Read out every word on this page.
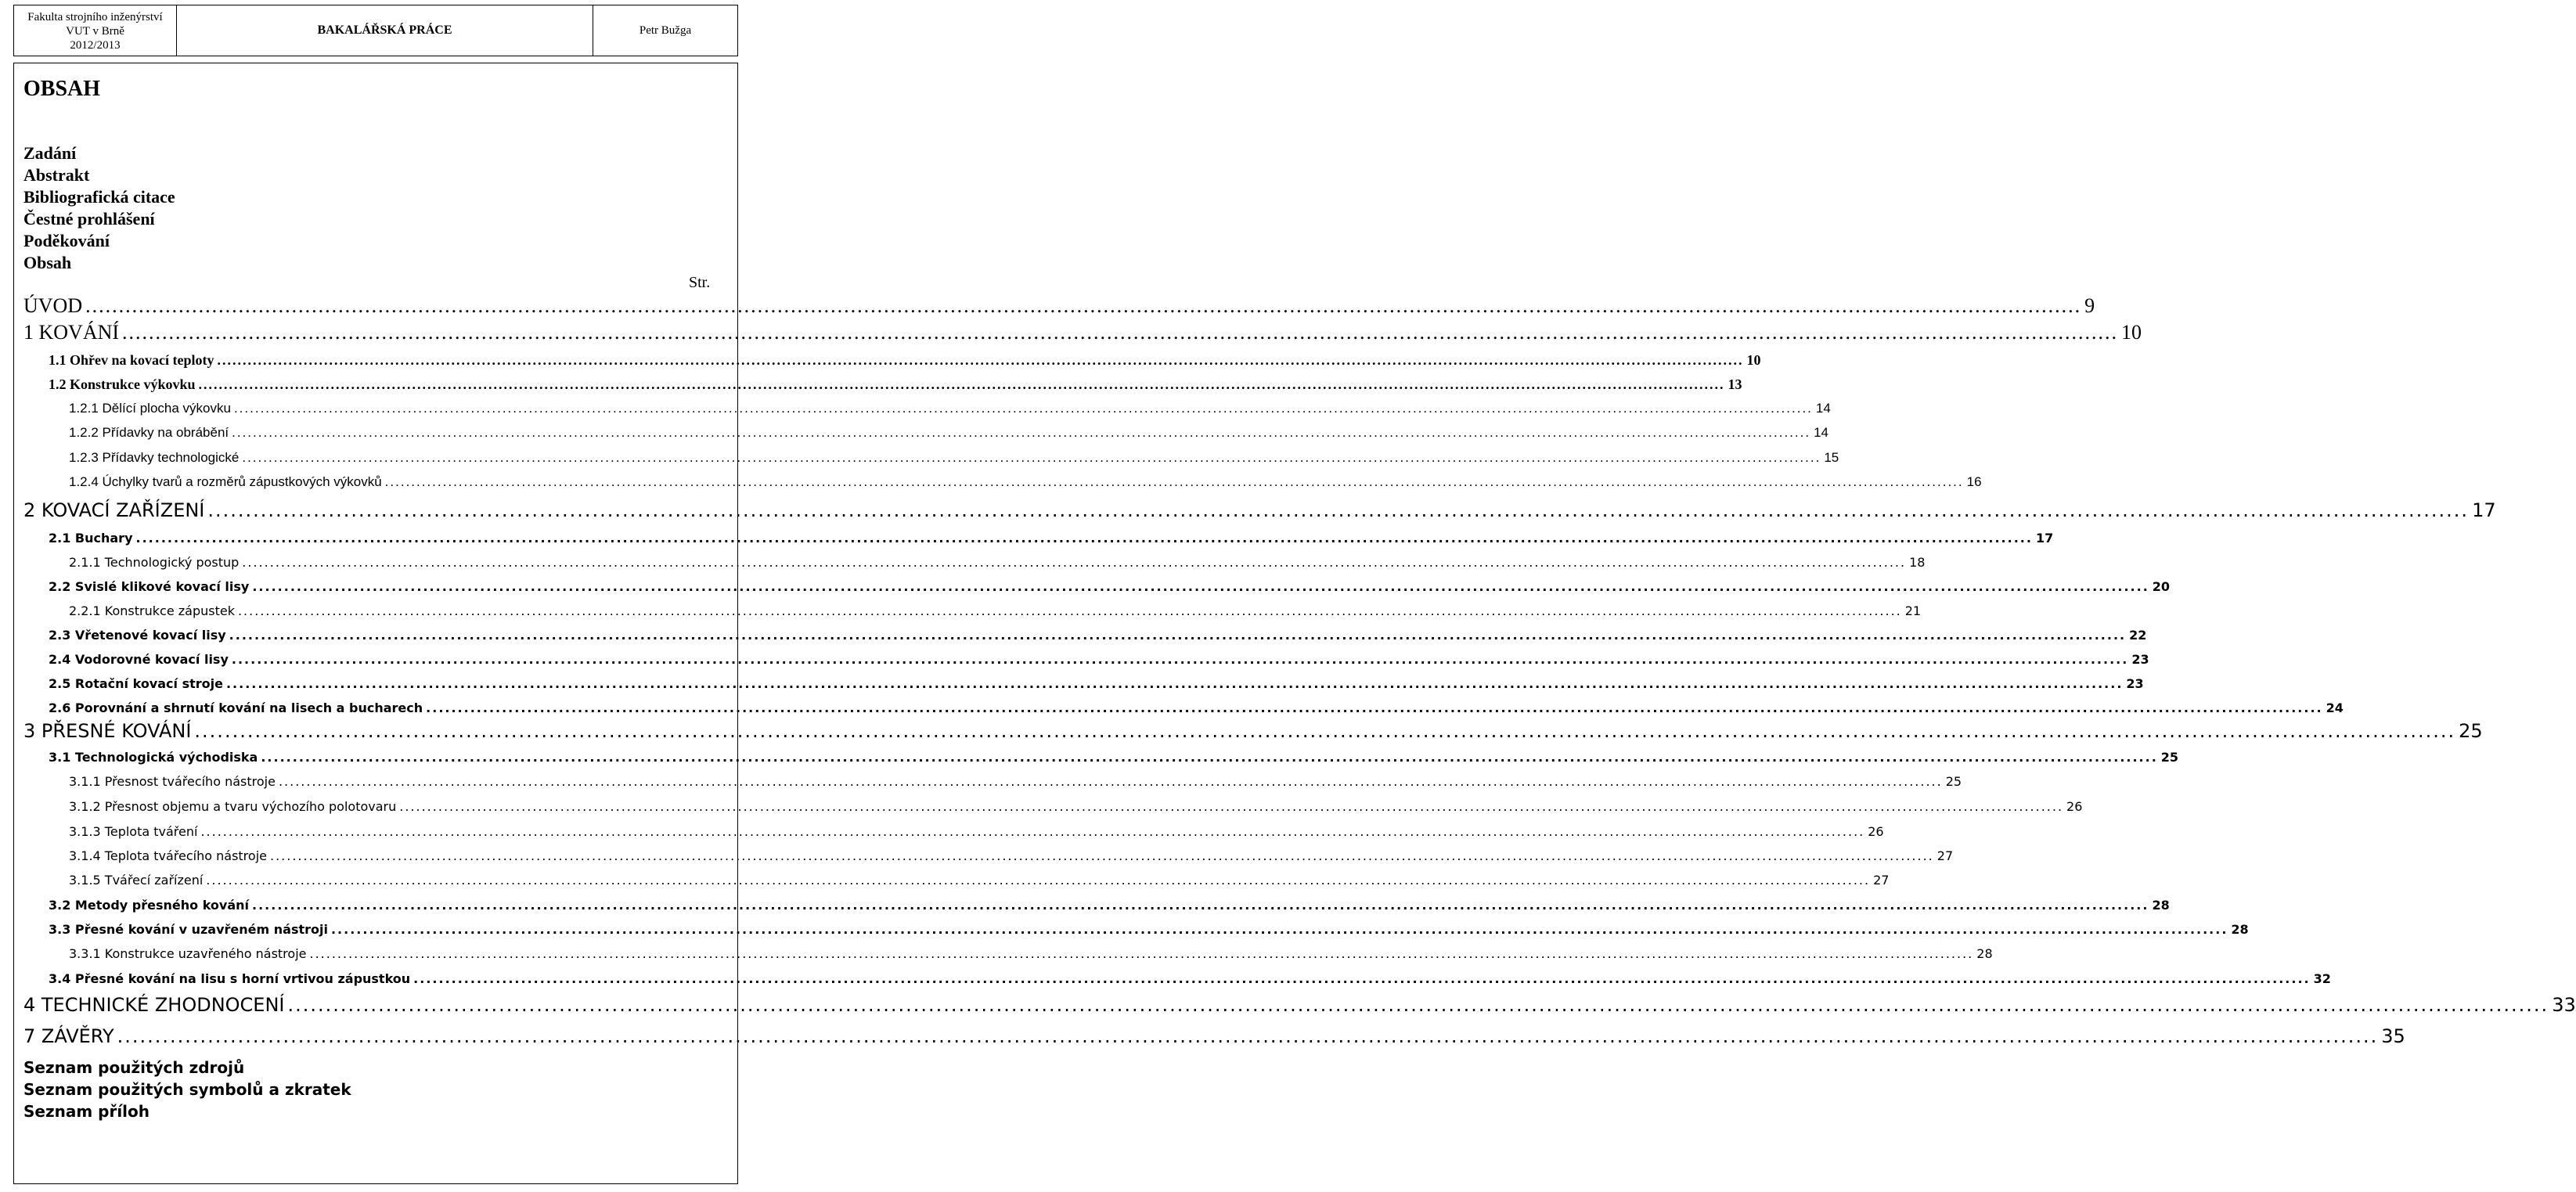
Fakulta strojního inženýrství
VUT v Brně
2012/2013
BAKALÁŘSKÁ PRÁCE	Petr Bužga
OBSAH
Zadání
Abstrakt
Bibliografická citace
Čestné prohlášení
Poděkování
Obsah
Str.
ÚVOD ............................................................................................................................................................................................................................................................................................................ 9
1 KOVÁNÍ ............................................................................................................................................................................................................................................................................................................ 10
1.1 Ohřev na kovací teploty ............................................................................................................................................................................................................................................................................................................ 10
1.2 Konstrukce výkovku ............................................................................................................................................................................................................................................................................................................ 13
1.2.1 Dělící plocha výkovku ............................................................................................................................................................................................................................................................................................................ 14
1.2.2 Přídavky na obrábění ............................................................................................................................................................................................................................................................................................................ 14
1.2.3 Přídavky technologické ............................................................................................................................................................................................................................................................................................................ 15
1.2.4 Úchylky tvarů a rozměrů zápustkových výkovků ............................................................................................................................................................................................................................................................................................................ 16
2 KOVACÍ ZAŘÍZENÍ ............................................................................................................................................................................................................................................................................................................ 17
2.1 Buchary ............................................................................................................................................................................................................................................................................................................ 17
2.1.1 Technologický postup ............................................................................................................................................................................................................................................................................................................ 18
2.2 Svislé klikové kovací lisy ............................................................................................................................................................................................................................................................................................................ 20
2.2.1 Konstrukce zápustek ............................................................................................................................................................................................................................................................................................................ 21
2.3 Vřetenové kovací lisy ............................................................................................................................................................................................................................................................................................................ 22
2.4 Vodorovné kovací lisy ............................................................................................................................................................................................................................................................................................................ 23
2.5 Rotační kovací stroje ............................................................................................................................................................................................................................................................................................................ 23
2.6 Porovnání a shrnutí kování na lisech a bucharech ............................................................................................................................................................................................................................................................................................................ 24
3 PŘESNÉ KOVÁNÍ ............................................................................................................................................................................................................................................................................................................ 25
3.1 Technologická východiska ............................................................................................................................................................................................................................................................................................................ 25
3.1.1 Přesnost tvářecího nástroje ............................................................................................................................................................................................................................................................................................................ 25
3.1.2 Přesnost objemu a tvaru výchozího polotovaru ............................................................................................................................................................................................................................................................................................................ 26
3.1.3 Teplota tváření ............................................................................................................................................................................................................................................................................................................ 26
3.1.4 Teplota tvářecího nástroje ............................................................................................................................................................................................................................................................................................................ 27
3.1.5 Tvářecí zařízení ............................................................................................................................................................................................................................................................................................................ 27
3.2 Metody přesného kování ............................................................................................................................................................................................................................................................................................................ 28
3.3 Přesné kování v uzavřeném nástroji ............................................................................................................................................................................................................................................................................................................ 28
3.3.1 Konstrukce uzavřeného nástroje ............................................................................................................................................................................................................................................................................................................ 28
3.4 Přesné kování na lisu s horní vrtivou zápustkou ............................................................................................................................................................................................................................................................................................................ 32
4 TECHNICKÉ ZHODNOCENÍ ............................................................................................................................................................................................................................................................................................................ 33
7 ZÁVĚRY ............................................................................................................................................................................................................................................................................................................ 35
Seznam použitých zdrojů
Seznam použitých symbolů a zkratek
Seznam příloh
